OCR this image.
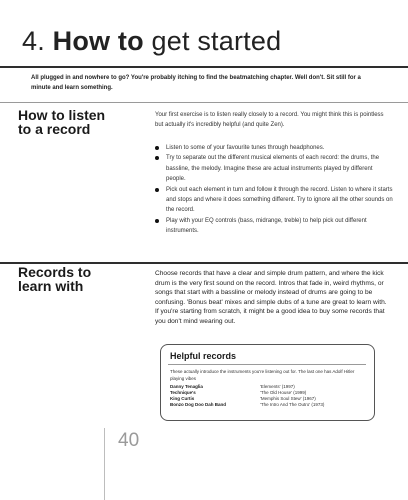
4. How to get started
All plugged in and nowhere to go? You're probably itching to find the beatmatching chapter. Well don't. Sit still for a minute and learn something.
How to listen
to a record
Your first exercise is to listen really closely to a record. You might think this is pointless but actually it's incredibly helpful (and quite Zen).
Listen to some of your favourite tunes through headphones.
Try to separate out the different musical elements of each record: the drums, the bassline, the melody. Imagine these are actual instruments played by different people.
Pick out each element in turn and follow it through the record. Listen to where it starts and stops and where it does something different. Try to ignore all the other sounds on the record.
Play with your EQ controls (bass, midrange, treble) to help pick out different instruments.
Records to
learn with
Choose records that have a clear and simple drum pattern, and where the kick drum is the very first sound on the record. Intros that fade in, weird rhythms, or songs that start with a bassline or melody instead of drums are going to be confusing. 'Bonus beat' mixes and simple dubs of a tune are great to learn with. If you're starting from scratch, it might be a good idea to buy some records that you don't mind wearing out.
Helpful records
These actually introduce the instruments you're listening out for. The last one has Adolf Hitler playing vibes
Danny Tenaglia	'Elements' (1997)
Technique's	'The Old House' (1999)
King Curtis	'Memphis Soul Stew' (1967)
Bonzo Dog Doo Dah Band	'The Intro And The Outro' (1973)
40
